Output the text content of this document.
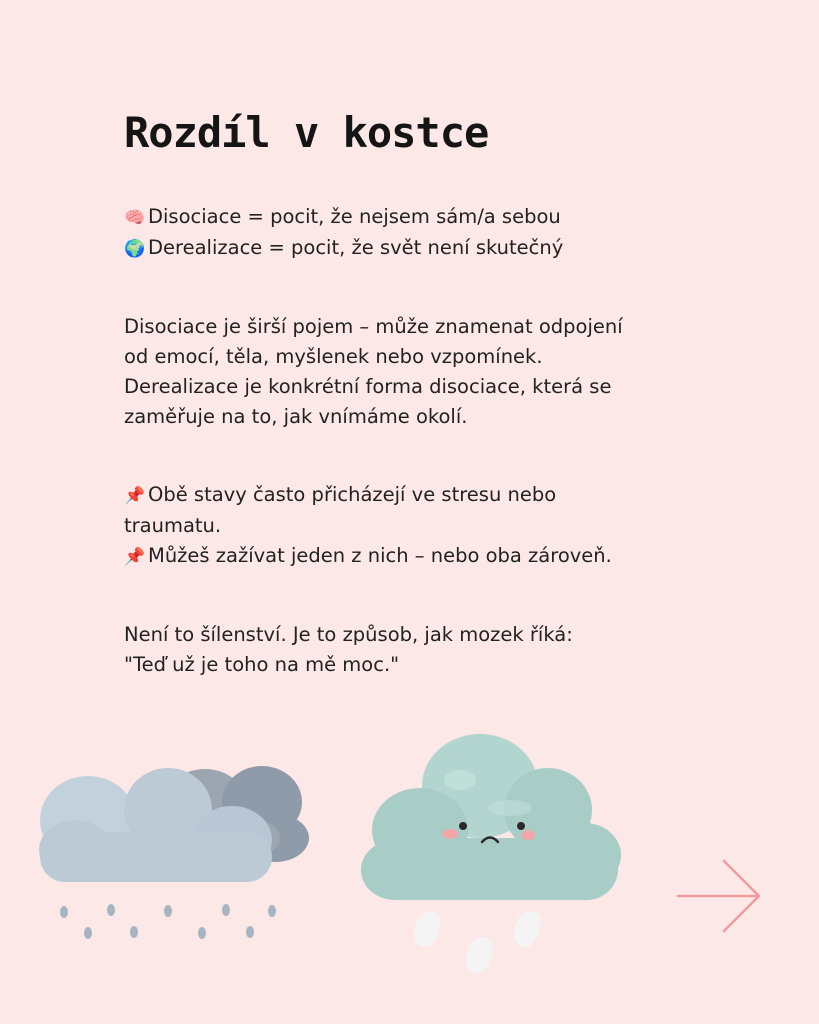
Rozdíl v kostce
🧠 Disociace = pocit, že nejsem sám/a sebou
🌍 Derealizace = pocit, že svět není skutečný
Disociace je širší pojem – může znamenat odpojení
od emocí, těla, myšlenek nebo vzpomínek.
Derealizace je konkrétní forma disociace, která se
zaměřuje na to, jak vnímáme okolí.
📌 Obě stavy často přicházejí ve stresu nebo
traumatu.
📌 Můžeš zažívat jeden z nich – nebo oba zároveň.
Není to šílenství. Je to způsob, jak mozek říká:
"Teď už je toho na mě moc."
